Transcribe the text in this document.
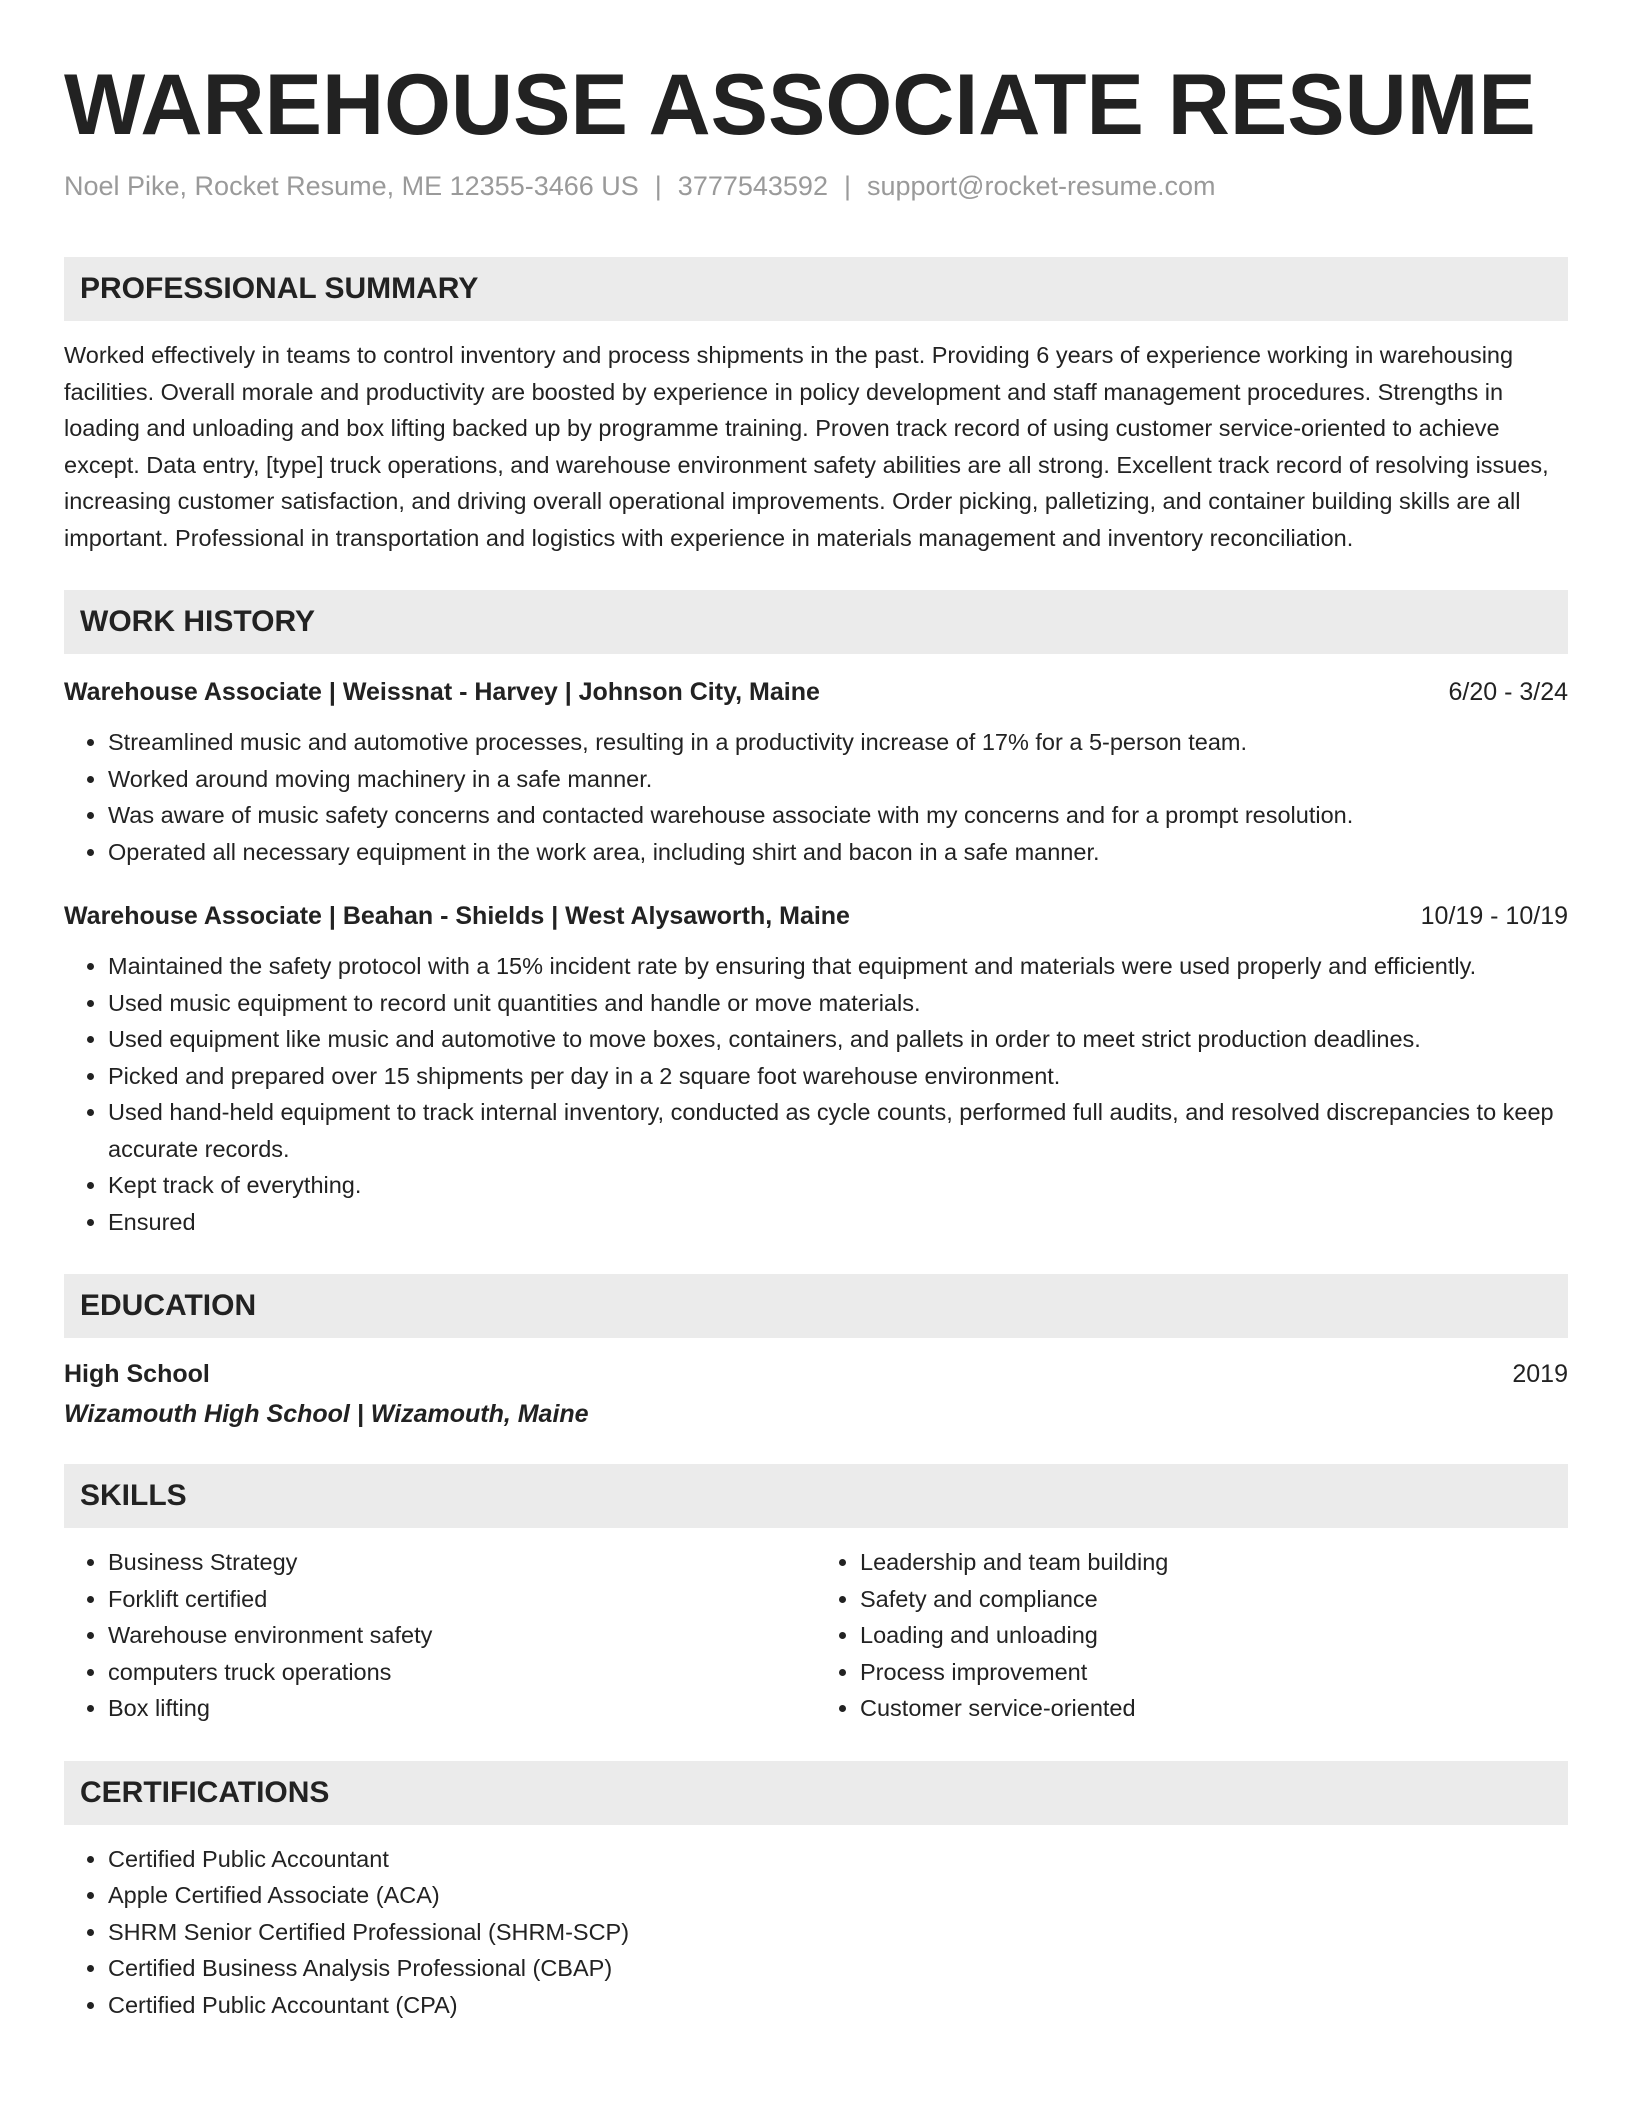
WAREHOUSE ASSOCIATE RESUME
Noel Pike, Rocket Resume, ME 12355-3466 US | 3777543592 | support@rocket-resume.com
PROFESSIONAL SUMMARY
Worked effectively in teams to control inventory and process shipments in the past. Providing 6 years of experience working in warehousing facilities. Overall morale and productivity are boosted by experience in policy development and staff management procedures. Strengths in loading and unloading and box lifting backed up by programme training. Proven track record of using customer service-oriented to achieve except. Data entry, [type] truck operations, and warehouse environment safety abilities are all strong. Excellent track record of resolving issues, increasing customer satisfaction, and driving overall operational improvements. Order picking, palletizing, and container building skills are all important. Professional in transportation and logistics with experience in materials management and inventory reconciliation.
WORK HISTORY
Warehouse Associate | Weissnat - Harvey | Johnson City, Maine	6/20 - 3/24
• Streamlined music and automotive processes, resulting in a productivity increase of 17% for a 5-person team.
• Worked around moving machinery in a safe manner.
• Was aware of music safety concerns and contacted warehouse associate with my concerns and for a prompt resolution.
• Operated all necessary equipment in the work area, including shirt and bacon in a safe manner.
Warehouse Associate | Beahan - Shields | West Alysaworth, Maine	10/19 - 10/19
• Maintained the safety protocol with a 15% incident rate by ensuring that equipment and materials were used properly and efficiently.
• Used music equipment to record unit quantities and handle or move materials.
• Used equipment like music and automotive to move boxes, containers, and pallets in order to meet strict production deadlines.
• Picked and prepared over 15 shipments per day in a 2 square foot warehouse environment.
• Used hand-held equipment to track internal inventory, conducted as cycle counts, performed full audits, and resolved discrepancies to keep accurate records.
• Kept track of everything.
• Ensured
EDUCATION
High School	2019
Wizamouth High School | Wizamouth, Maine
SKILLS
• Business Strategy
• Forklift certified
• Warehouse environment safety
• computers truck operations
• Box lifting
• Leadership and team building
• Safety and compliance
• Loading and unloading
• Process improvement
• Customer service-oriented
CERTIFICATIONS
• Certified Public Accountant
• Apple Certified Associate (ACA)
• SHRM Senior Certified Professional (SHRM-SCP)
• Certified Business Analysis Professional (CBAP)
• Certified Public Accountant (CPA)
